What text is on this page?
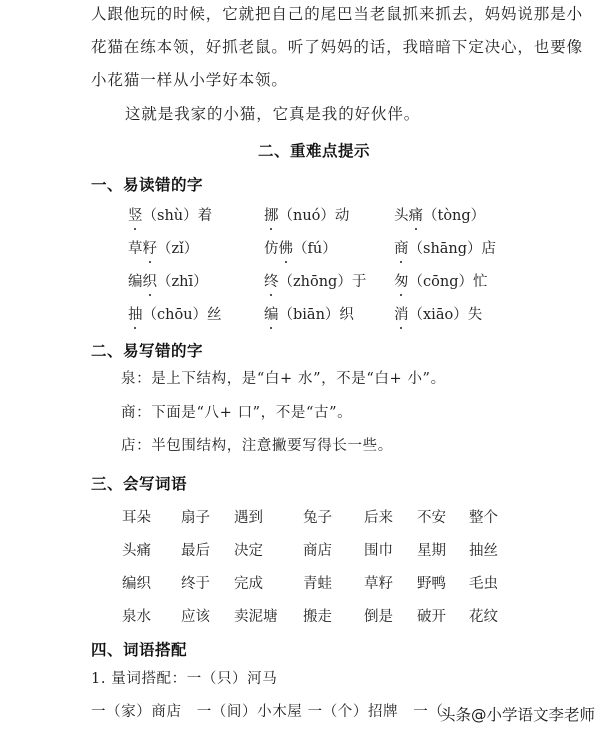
人跟他玩的时候，它就把自己的尾巴当老鼠抓来抓去，妈妈说那是小
花猫在练本领，好抓老鼠。听了妈妈的话，我暗暗下定决心，也要像
小花猫一样从小学好本领。
这就是我家的小猫，它真是我的好伙伴。
二、重难点提示
一、易读错的字
竖（shù）着	挪（nuó）动	头痛（tòng）
草籽（zǐ）	仿佛（fú）	商（shāng）店
编织（zhī）	终（zhōng）于 匆（cōng）忙
抽（chōu）丝	编（biān）织	消（xiāo）失
二、易写错的字
泉：是上下结构，是“白+ 水”，不是“白+ 小”。
商：下面是“八+ 口”，不是“古”。
店：半包围结构，注意撇要写得长一些。
三、会写词语
耳朵 扇子 遇到	兔子 后来 不安 整个
头痛 最后 决定	商店 围巾 星期 抽丝
编织 终于 完成	青蛙 草籽 野鸭 毛虫
泉水 应该 卖泥塘 搬走 倒是 破开 花纹
四、词语搭配
1. 量词搭配：一（只）河马
一（家）商店　一（间）小木屋 一（个）招牌　一（
头条@小学语文李老师
